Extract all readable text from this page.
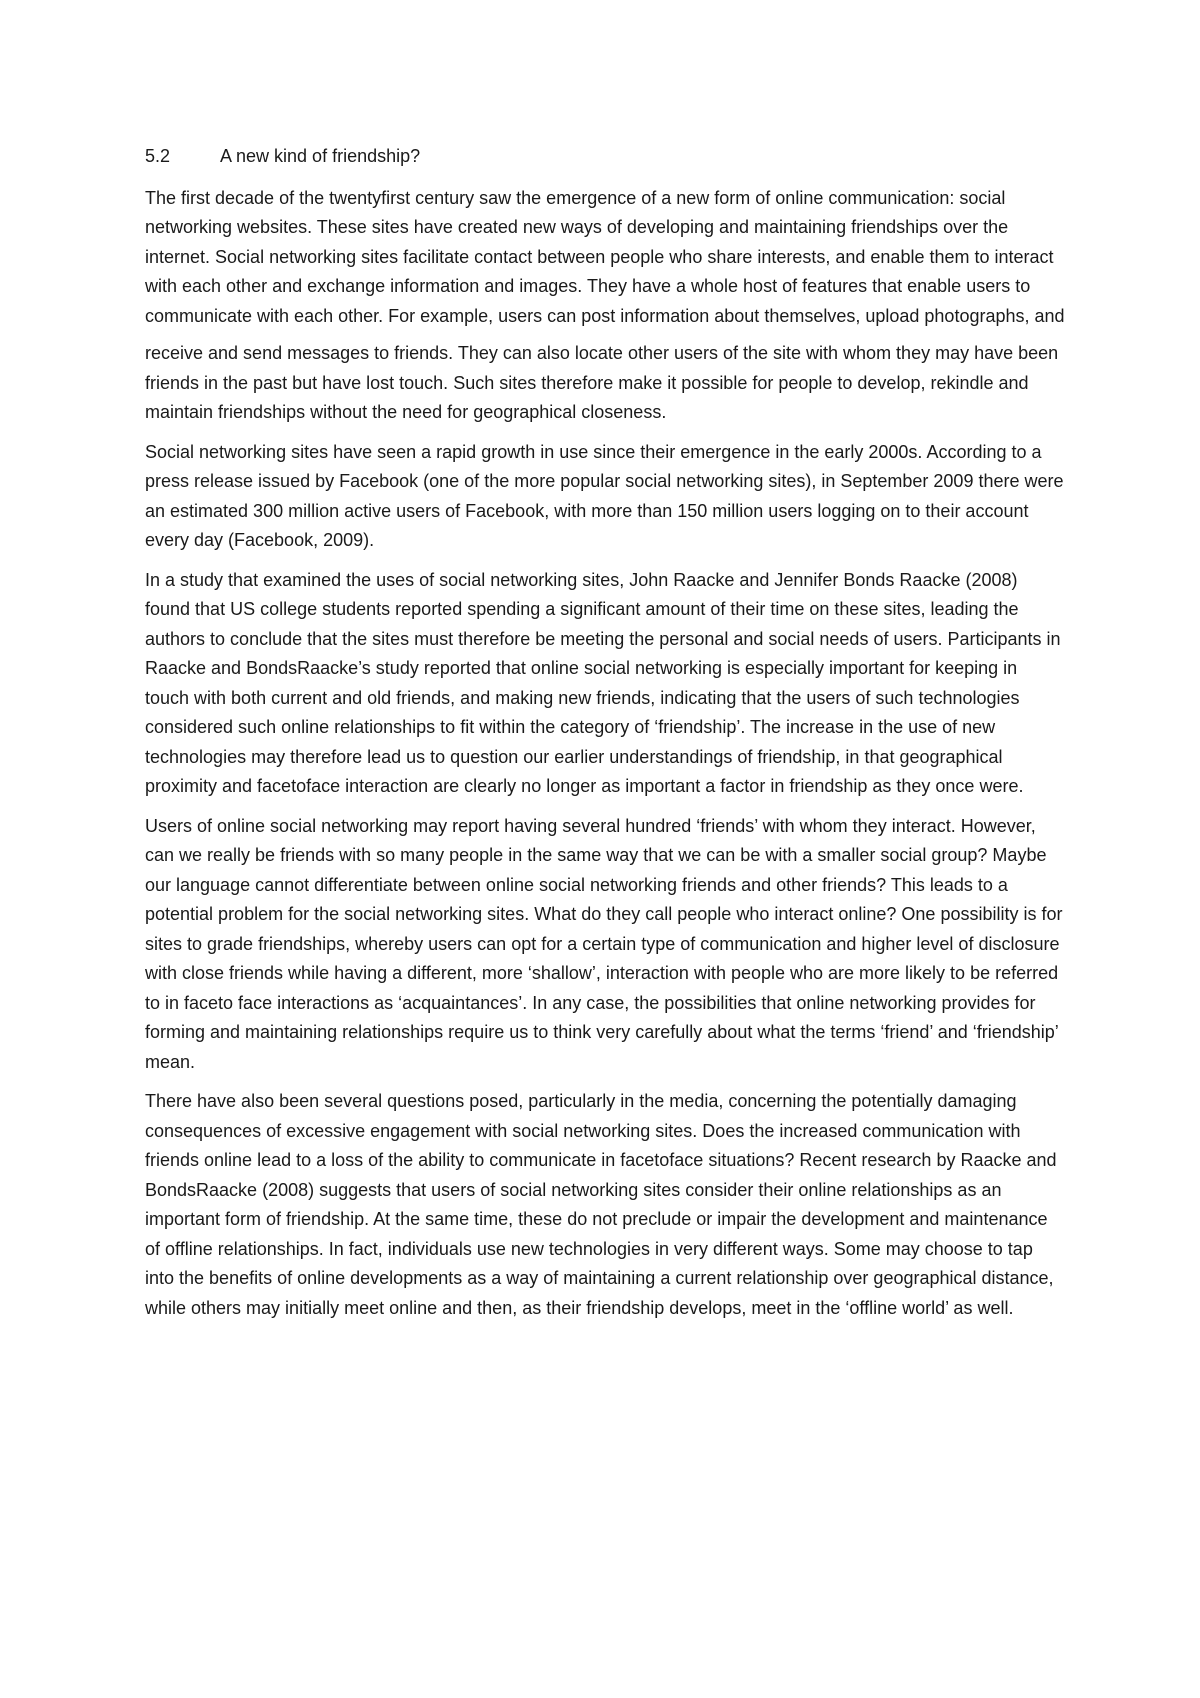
5.2	A new kind of friendship?

The first decade of the twentyfirst century saw the emergence of a new form of online communication: social networking websites. These sites have created new ways of developing and maintaining friendships over the internet. Social networking sites facilitate contact between people who share interests, and enable them to interact with each other and exchange information and images. They have a whole host of features that enable users to communicate with each other. For example, users can post information about themselves, upload photographs, and

receive and send messages to friends. They can also locate other users of the site with whom they may have been friends in the past but have lost touch. Such sites therefore make it possible for people to develop, rekindle and maintain friendships without the need for geographical closeness.

Social networking sites have seen a rapid growth in use since their emergence in the early 2000s. According to a press release issued by Facebook (one of the more popular social networking sites), in September 2009 there were an estimated 300 million active users of Facebook, with more than 150 million users logging on to their account every day (Facebook, 2009).

In a study that examined the uses of social networking sites, John Raacke and Jennifer Bonds Raacke (2008) found that US college students reported spending a significant amount of their time on these sites, leading the authors to conclude that the sites must therefore be meeting the personal and social needs of users. Participants in Raacke and BondsRaacke’s study reported that online social networking is especially important for keeping in touch with both current and old friends, and making new friends, indicating that the users of such technologies considered such online relationships to fit within the category of ‘friendship’. The increase in the use of new technologies may therefore lead us to question our earlier understandings of friendship, in that geographical proximity and facetoface interaction are clearly no longer as important a factor in friendship as they once were.

Users of online social networking may report having several hundred ‘friends’ with whom they interact. However, can we really be friends with so many people in the same way that we can be with a smaller social group? Maybe our language cannot differentiate between online social networking friends and other friends? This leads to a potential problem for the social networking sites. What do they call people who interact online? One possibility is for sites to grade friendships, whereby users can opt for a certain type of communication and higher level of disclosure with close friends while having a different, more ‘shallow’, interaction with people who are more likely to be referred to in faceto face interactions as ‘acquaintances’. In any case, the possibilities that online networking provides for forming and maintaining relationships require us to think very carefully about what the terms ‘friend’ and ‘friendship’ mean.

There have also been several questions posed, particularly in the media, concerning the potentially damaging consequences of excessive engagement with social networking sites. Does the increased communication with friends online lead to a loss of the ability to communicate in facetoface situations? Recent research by Raacke and BondsRaacke (2008) suggests that users of social networking sites consider their online relationships as an important form of friendship. At the same time, these do not preclude or impair the development and maintenance of offline relationships. In fact, individuals use new technologies in very different ways. Some may choose to tap into the benefits of online developments as a way of maintaining a current relationship over geographical distance, while others may initially meet online and then, as their friendship develops, meet in the ‘offline world’ as well.
